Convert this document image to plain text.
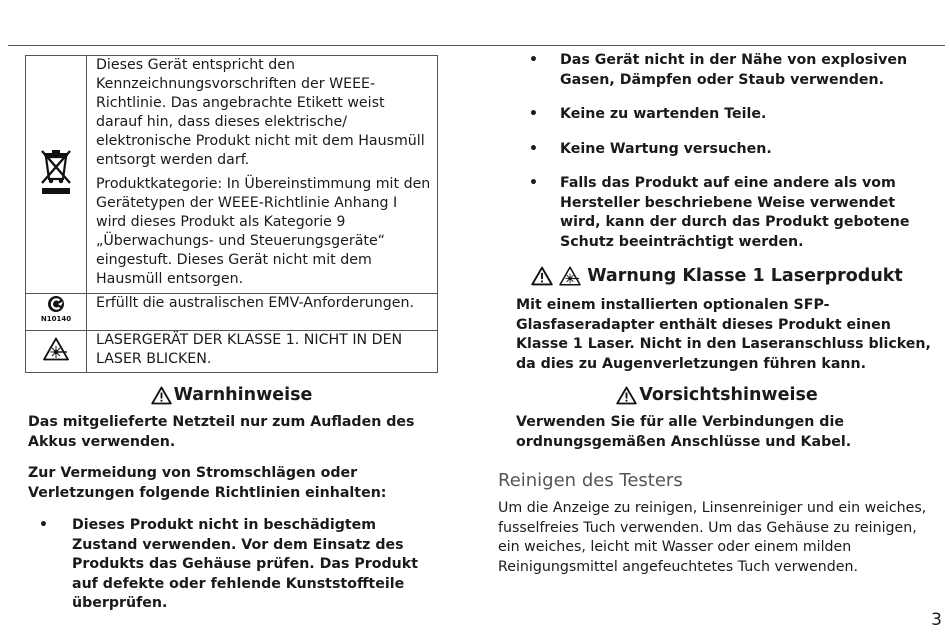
Dieses Gerät entspricht den Kennzeichnungsvorschriften der WEEE-Richtlinie. Das angebrachte Etikett weist darauf hin, dass dieses elektrische/ elektronische Produkt nicht mit dem Hausmüll entsorgt werden darf.

Produktkategorie: In Übereinstimmung mit den Gerätetypen der WEEE-Richtlinie Anhang I wird dieses Produkt als Kategorie 9 „Überwachungs- und Steuerungsgeräte“ eingestuft. Dieses Gerät nicht mit dem Hausmüll entsorgen.

N10140	Erfüllt die australischen EMV-Anforderungen.

LASERGERÄT DER KLASSE 1. NICHT IN DEN LASER BLICKEN.

Warnhinweise

Das mitgelieferte Netzteil nur zum Aufladen des Akkus verwenden.

Zur Vermeidung von Stromschlägen oder Verletzungen folgende Richtlinien einhalten:

• Dieses Produkt nicht in beschädigtem Zustand verwenden. Vor dem Einsatz des Produkts das Gehäuse prüfen. Das Produkt auf defekte oder fehlende Kunststoffteile überprüfen.
• Das Gerät nicht in der Nähe von explosiven Gasen, Dämpfen oder Staub verwenden.
• Keine zu wartenden Teile.
• Keine Wartung versuchen.
• Falls das Produkt auf eine andere als vom Hersteller beschriebene Weise verwendet wird, kann der durch das Produkt gebotene Schutz beeinträchtigt werden.
Warnung Klasse 1 Laserprodukt

Mit einem installierten optionalen SFP-Glasfaseradapter enthält dieses Produkt einen Klasse 1 Laser. Nicht in den Laseranschluss blicken, da dies zu Augenverletzungen führen kann.

Vorsichtshinweise

Verwenden Sie für alle Verbindungen die ordnungsgemäßen Anschlüsse und Kabel.

Reinigen des Testers

Um die Anzeige zu reinigen, Linsenreiniger und ein weiches, fusselfreies Tuch verwenden. Um das Gehäuse zu reinigen, ein weiches, leicht mit Wasser oder einem milden Reinigungsmittel angefeuchtetes Tuch verwenden.

3
